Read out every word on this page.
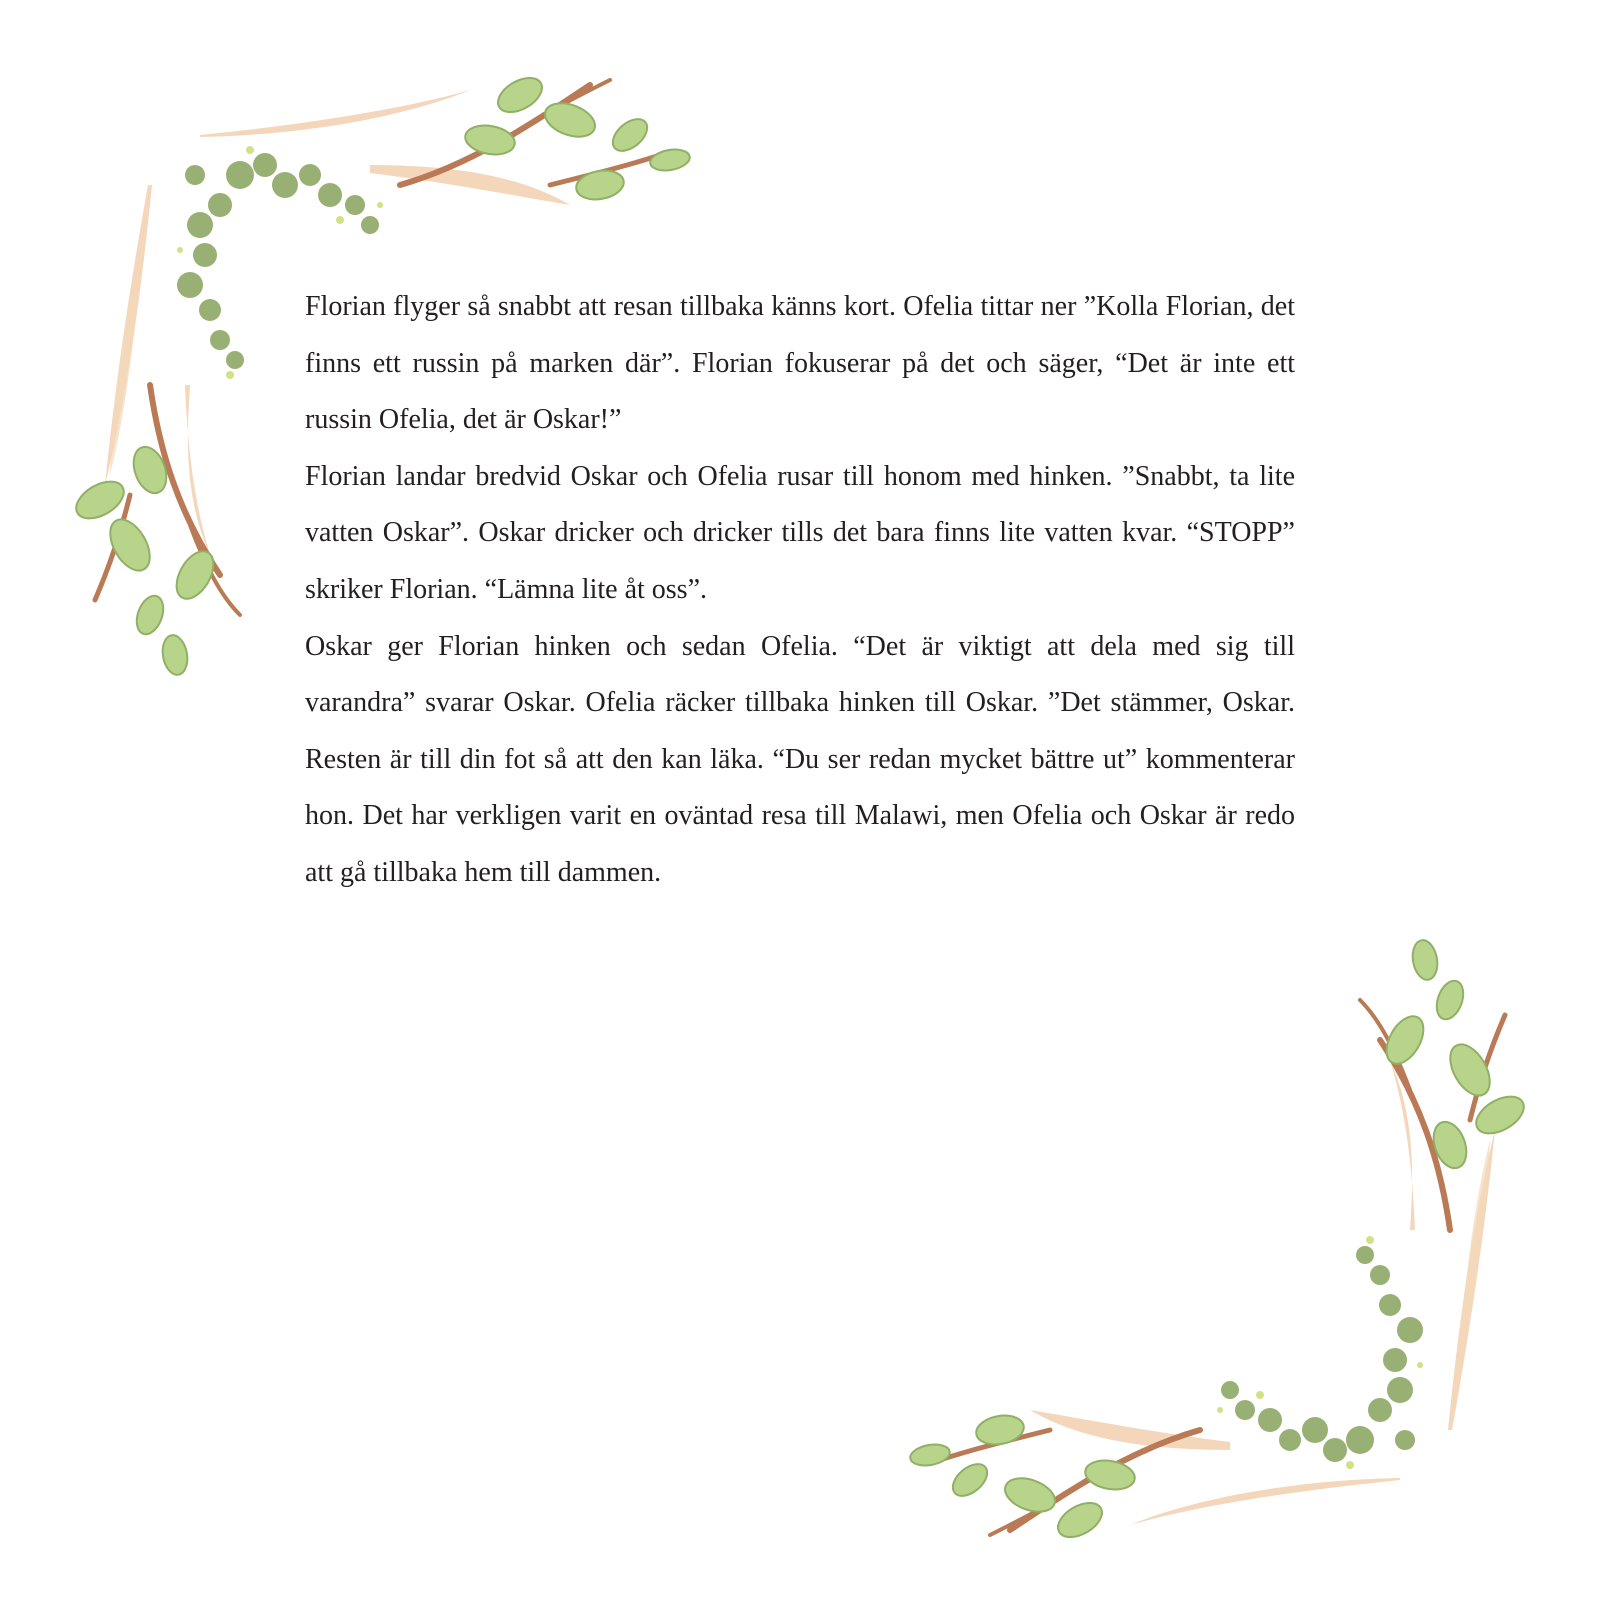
Florian flyger så snabbt att resan tillbaka känns kort. Ofelia tittar ner ”Kolla Florian, det finns ett russin på marken där”. Florian fokuserar på det och säger, “Det är inte ett russin Ofelia, det är Oskar!”

Florian landar bredvid Oskar och Ofelia rusar till honom med hinken. ”Snabbt, ta lite vatten Oskar”. Oskar dricker och dricker tills det bara finns lite vatten kvar. “STOPP” skriker Florian. “Lämna lite åt oss”.

Oskar ger Florian hinken och sedan Ofelia. “Det är viktigt att dela med sig till varandra” svarar Oskar. Ofelia räcker tillbaka hinken till Oskar. ”Det stämmer, Oskar. Resten är till din fot så att den kan läka. “Du ser redan mycket bättre ut” kommenterar hon. Det har verkligen varit en oväntad resa till Malawi, men Ofelia och Oskar är redo att gå tillbaka hem till dammen.
